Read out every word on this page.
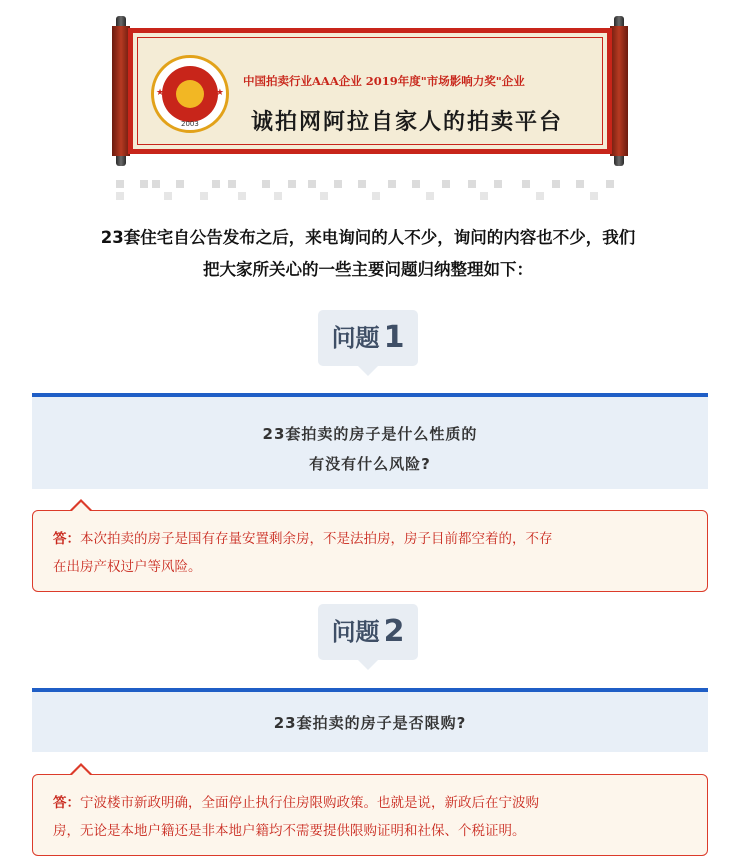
★	★
2003
中国拍卖行业AAA企业 2019年度"市场影响力奖"企业
诚拍网阿拉自家人的拍卖平台
23套住宅自公告发布之后，来电询问的人不少，询问的内容也不少，我们
把大家所关心的一些主要问题归纳整理如下：
问题 1
23套拍卖的房子是什么性质的
有没有什么风险?
答：本次拍卖的房子是国有存量安置剩余房，不是法拍房，房子目前都空着的，不存
在出房产权过户等风险。
问题 2
23套拍卖的房子是否限购?
答：宁波楼市新政明确，全面停止执行住房限购政策。也就是说，新政后在宁波购
房，无论是本地户籍还是非本地户籍均不需要提供限购证明和社保、个税证明。
